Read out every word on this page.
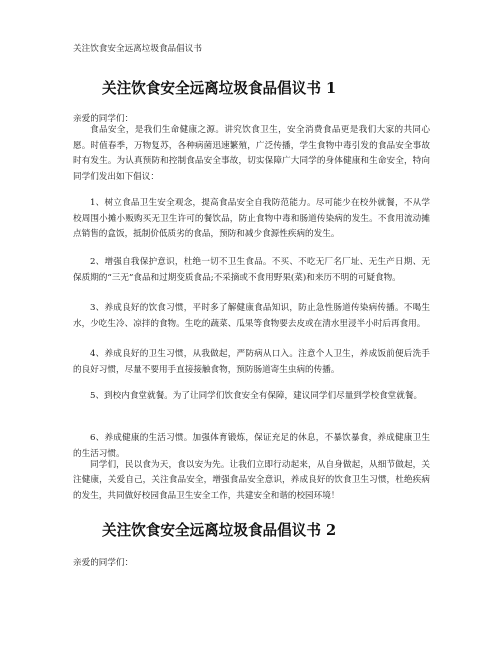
关注饮食安全远离垃圾食品倡议书
关注饮食安全远离垃圾食品倡议书 1
亲爱的同学们：

食品安全，是我们生命健康之源。讲究饮食卫生，安全消费食品更是我们大家的共同心愿。时值春季，万物复苏，各种病菌迅速繁殖，广泛传播，学生食物中毒引发的食品安全事故时有发生。为认真预防和控制食品安全事故，切实保障广大同学的身体健康和生命安全，特向同学们发出如下倡议：

1、树立食品卫生安全观念，提高食品安全自我防范能力。尽可能少在校外就餐，不从学校周围小摊小贩购买无卫生许可的餐饮品，防止食物中毒和肠道传染病的发生。不食用流动摊点销售的盒饭，抵制价低质劣的食品，预防和减少食源性疾病的发生。

2、增强自我保护意识，杜绝一切不卫生食品。不买、不吃无厂名厂址、无生产日期、无保质期的“三无”食品和过期变质食品;不采摘或不食用野果(菜)和来历不明的可疑食物。

3、养成良好的饮食习惯，平时多了解健康食品知识，防止急性肠道传染病传播。不喝生水，少吃生冷、凉拌的食物。生吃的蔬菜、瓜果等食物要去皮或在清水里浸半小时后再食用。

4、养成良好的卫生习惯，从我做起，严防病从口入。注意个人卫生，养成饭前便后洗手的良好习惯，尽量不要用手直接接触食物，预防肠道寄生虫病的传播。

5、到校内食堂就餐。为了让同学们饮食安全有保障，建议同学们尽量到学校食堂就餐。

6、养成健康的生活习惯。加强体育锻炼，保证充足的休息，不暴饮暴食，养成健康卫生的生活习惯。

同学们，民以食为天，食以安为先。让我们立即行动起来，从自身做起，从细节做起，关注健康，关爱自己，关注食品安全，增强食品安全意识，养成良好的饮食卫生习惯，杜绝疾病的发生，共同做好校园食品卫生安全工作，共建安全和谐的校园环境！

关注饮食安全远离垃圾食品倡议书 2
亲爱的同学们：
